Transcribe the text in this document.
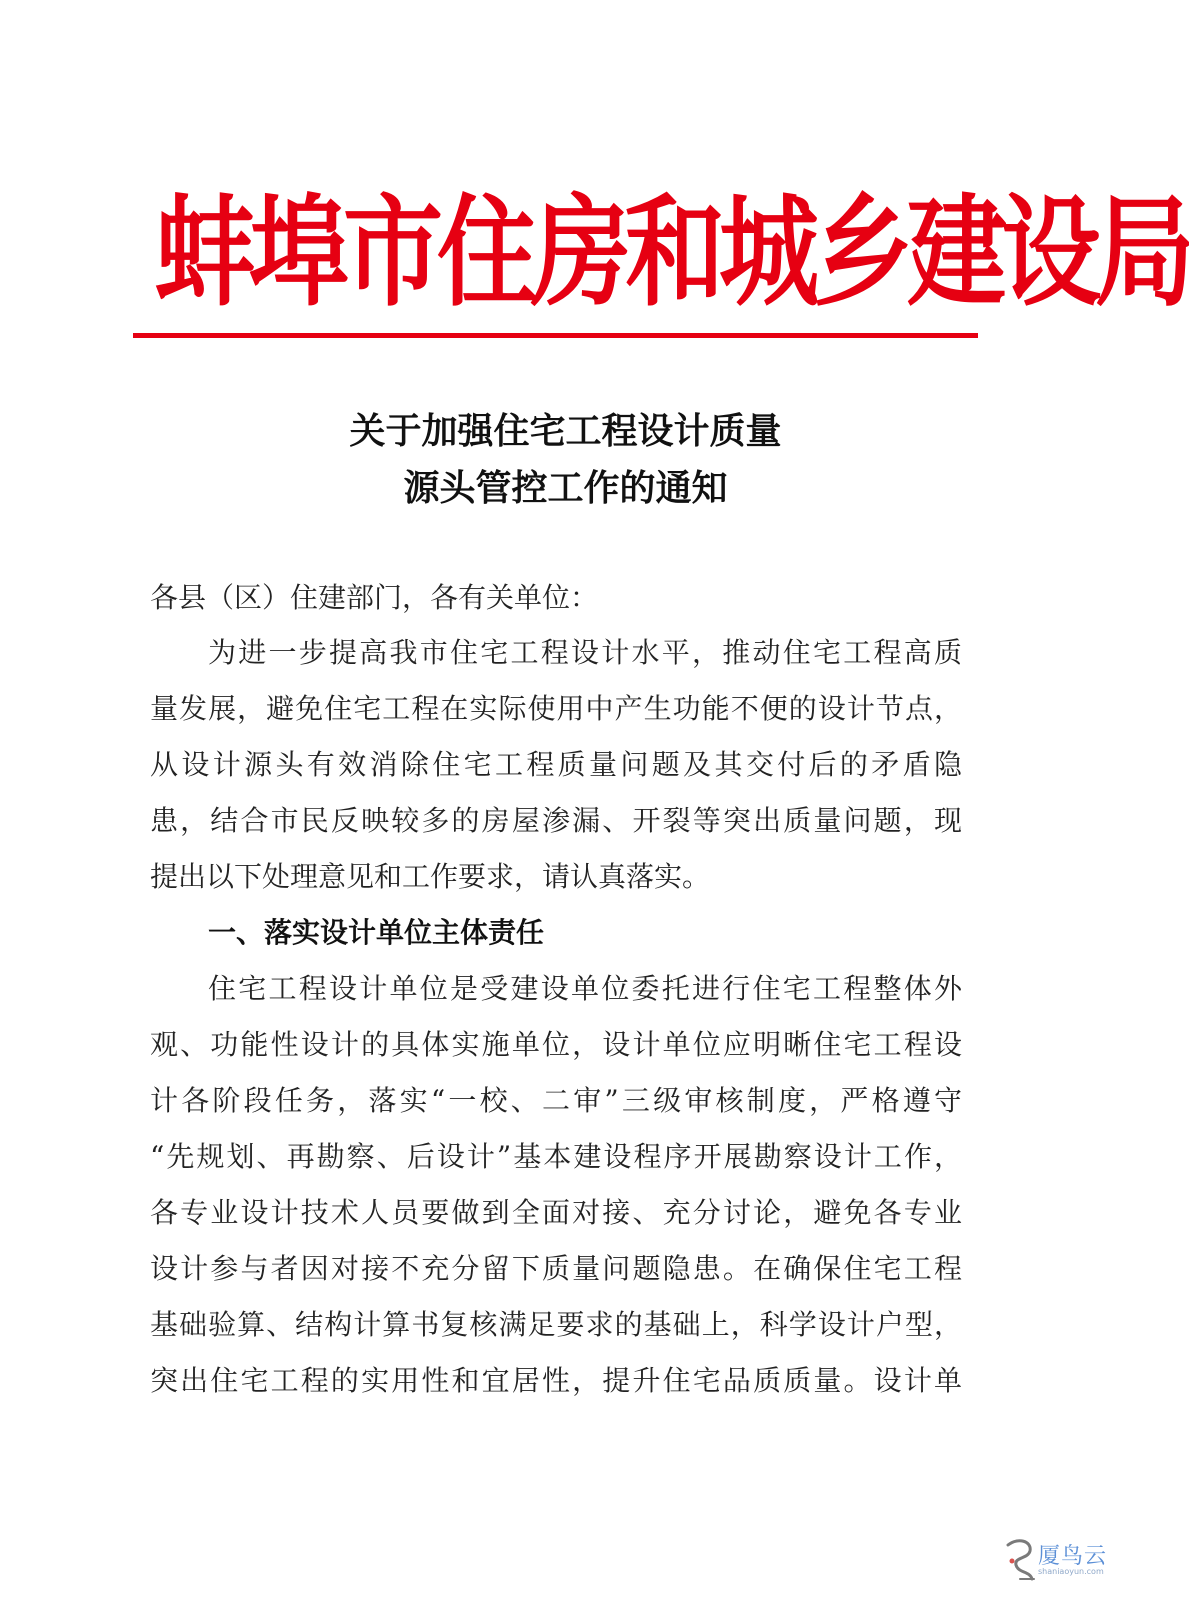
蚌埠市住房和城乡建设局
关于加强住宅工程设计质量
源头管控工作的通知
各县（区）住建部门，各有关单位：
为进一步提高我市住宅工程设计水平，推动住宅工程高质
量发展，避免住宅工程在实际使用中产生功能不便的设计节点，
从设计源头有效消除住宅工程质量问题及其交付后的矛盾隐
患，结合市民反映较多的房屋渗漏、开裂等突出质量问题，现
提出以下处理意见和工作要求，请认真落实。
一、落实设计单位主体责任
住宅工程设计单位是受建设单位委托进行住宅工程整体外
观、功能性设计的具体实施单位，设计单位应明晰住宅工程设
计各阶段任务，落实“一校、二审”三级审核制度，严格遵守
“先规划、再勘察、后设计”基本建设程序开展勘察设计工作，
各专业设计技术人员要做到全面对接、充分讨论，避免各专业
设计参与者因对接不充分留下质量问题隐患。在确保住宅工程
基础验算、结构计算书复核满足要求的基础上，科学设计户型，
突出住宅工程的实用性和宜居性，提升住宅品质质量。设计单
厦鸟云
shaniaoyun.com
